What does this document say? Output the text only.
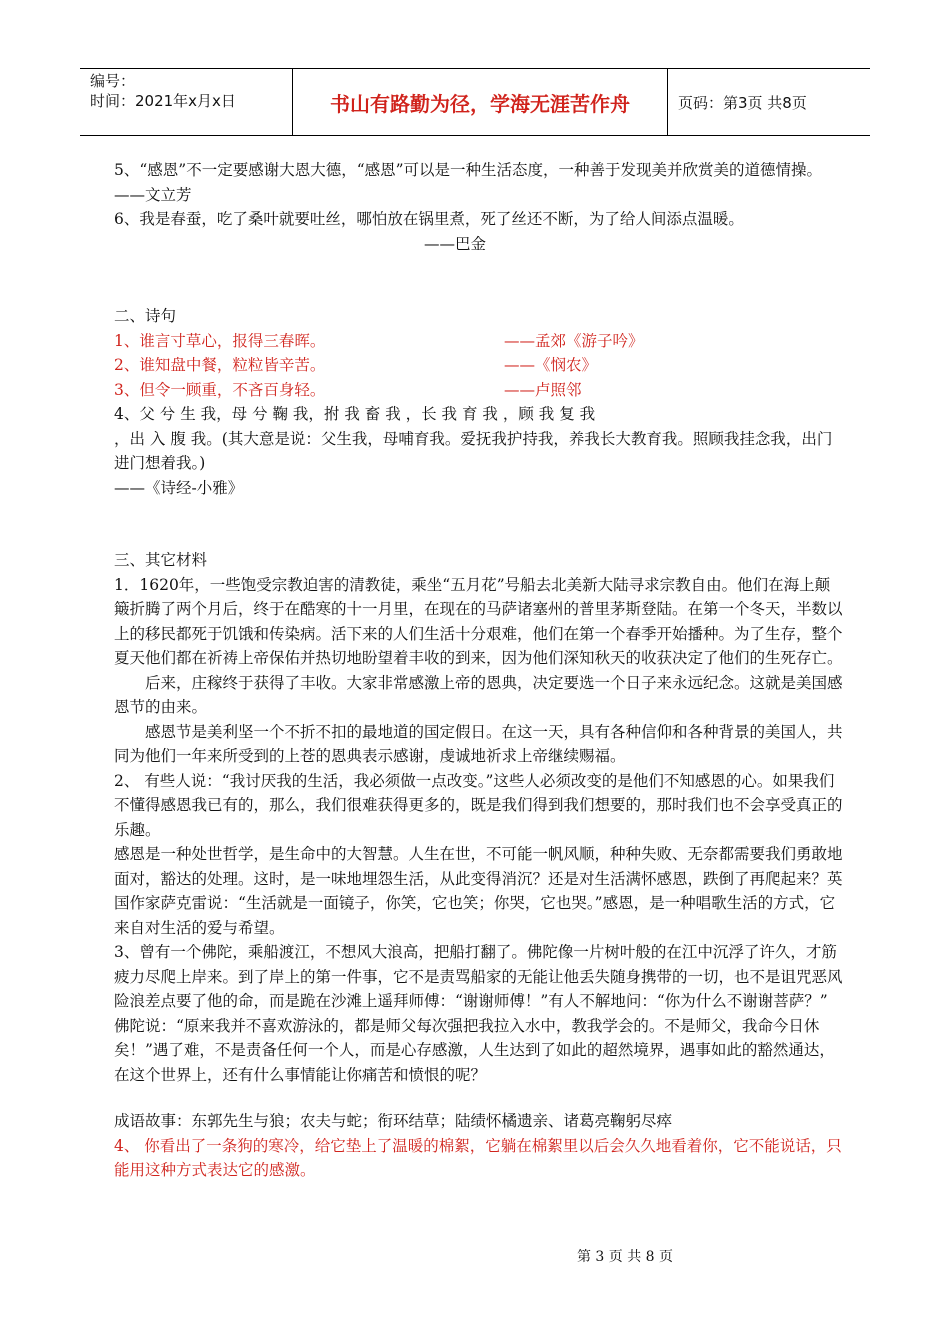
编号：
时间：2021年x月x日	书山有路勤为径，学海无涯苦作舟	页码：第3页 共8页

5、“感恩”不一定要感谢大恩大德，“感恩”可以是一种生活态度，一种善于发现美并欣赏美的道德情操。——文立芳

6、我是春蚕，吃了桑叶就要吐丝，哪怕放在锅里煮，死了丝还不断，为了给人间添点温暖。

——巴金

二、诗句

1、谁言寸草心，报得三春晖。	——孟郊《游子吟》
2、谁知盘中餐，粒粒皆辛苦。	——《悯农》
3、但令一顾重，不吝百身轻。	——卢照邻

4、父 兮 生 我，母 兮 鞠 我，拊 我 畜 我 ，长 我 育 我 ，顾 我 复 我

，出 入 腹 我。(其大意是说：父生我，母哺育我。爱抚我护持我，养我长大教育我。照顾我挂念我，出门进门想着我。)

——《诗经-小雅》

三、其它材料

1．1620年，一些饱受宗教迫害的清教徒，乘坐“五月花”号船去北美新大陆寻求宗教自由。他们在海上颠簸折腾了两个月后，终于在酷寒的十一月里，在现在的马萨诸塞州的普里茅斯登陆。在第一个冬天，半数以上的移民都死于饥饿和传染病。活下来的人们生活十分艰难，他们在第一个春季开始播种。为了生存，整个夏天他们都在祈祷上帝保佑并热切地盼望着丰收的到来，因为他们深知秋天的收获决定了他们的生死存亡。

后来，庄稼终于获得了丰收。大家非常感激上帝的恩典，决定要选一个日子来永远纪念。这就是美国感恩节的由来。

感恩节是美利坚一个不折不扣的最地道的国定假日。在这一天，具有各种信仰和各种背景的美国人，共同为他们一年来所受到的上苍的恩典表示感谢，虔诚地祈求上帝继续赐福。

2、 有些人说：“我讨厌我的生活，我必须做一点改变。”这些人必须改变的是他们不知感恩的心。如果我们不懂得感恩我已有的，那么，我们很难获得更多的，既是我们得到我们想要的，那时我们也不会享受真正的乐趣。

感恩是一种处世哲学，是生命中的大智慧。人生在世，不可能一帆风顺，种种失败、无奈都需要我们勇敢地面对，豁达的处理。这时，是一味地埋怨生活，从此变得消沉？还是对生活满怀感恩，跌倒了再爬起来？英国作家萨克雷说：“生活就是一面镜子，你笑，它也笑；你哭，它也哭。”感恩，是一种唱歌生活的方式，它来自对生活的爱与希望。

3、曾有一个佛陀，乘船渡江，不想风大浪高，把船打翻了。佛陀像一片树叶般的在江中沉浮了许久，才筋疲力尽爬上岸来。到了岸上的第一件事，它不是责骂船家的无能让他丢失随身携带的一切，也不是诅咒恶风险浪差点要了他的命，而是跪在沙滩上遥拜师傅：“谢谢师傅！”有人不解地问：“你为什么不谢谢菩萨？” 佛陀说：“原来我并不喜欢游泳的，都是师父每次强把我拉入水中，教我学会的。不是师父，我命今日休矣！”遇了难，不是责备任何一个人，而是心存感激，人生达到了如此的超然境界，遇事如此的豁然通达，在这个世界上，还有什么事情能让你痛苦和愤恨的呢？

成语故事：东郭先生与狼；农夫与蛇；衔环结草；陆绩怀橘遗亲、诸葛亮鞠躬尽瘁

4、 你看出了一条狗的寒冷，给它垫上了温暖的棉絮，它躺在棉絮里以后会久久地看着你，它不能说话，只能用这种方式表达它的感激。

第 3 页 共 8 页
